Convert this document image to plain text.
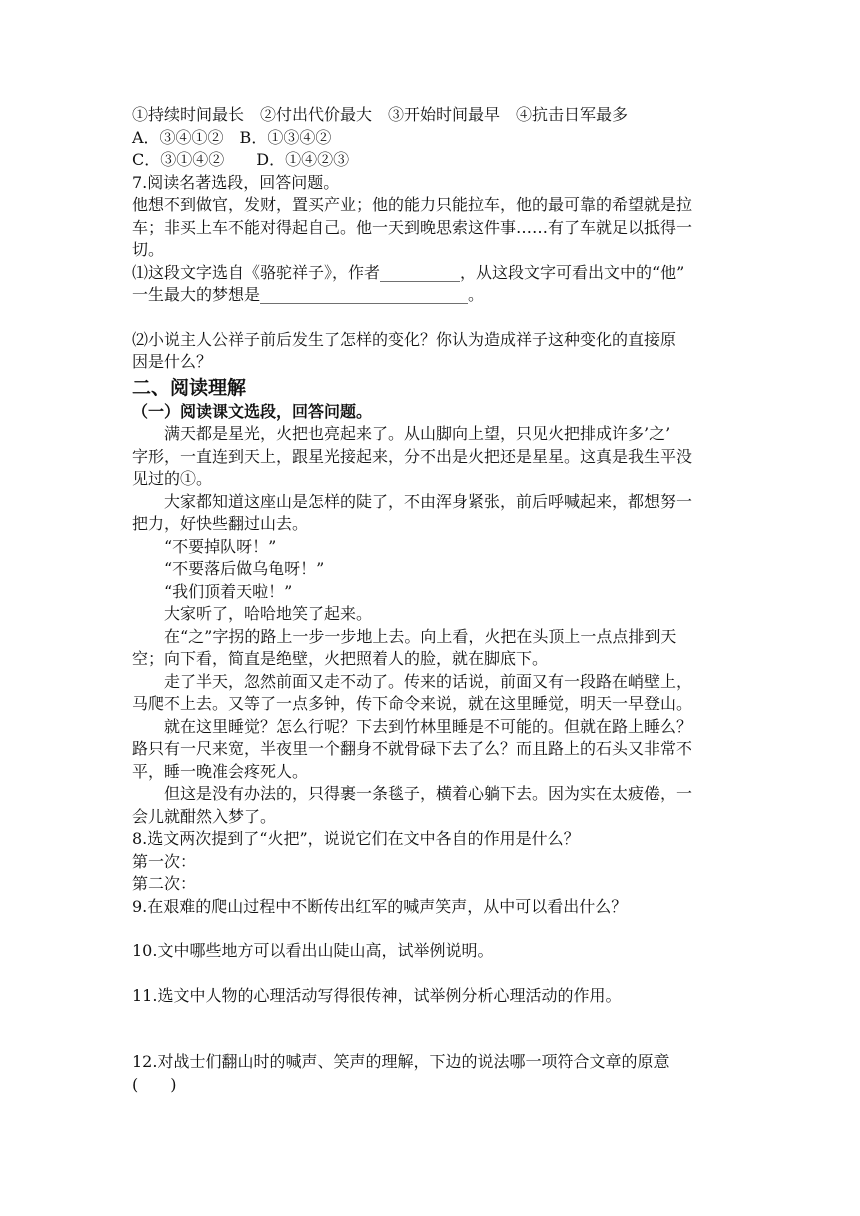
①持续时间最长　②付出代价最大　③开始时间最早　④抗击日军最多
A．③④①②　B．①③④②
C．③①④②　　D．①④②③
7.阅读名著选段，回答问题。
他想不到做官，发财，置买产业；他的能力只能拉车，他的最可靠的希望就是拉
车；非买上车不能对得起自己。他一天到晚思索这件事……有了车就足以抵得一
切。
⑴这段文字选自《骆驼祥子》，作者__________，从这段文字可看出文中的“他”
一生最大的梦想是__________________________。
⑵小说主人公祥子前后发生了怎样的变化？你认为造成祥子这种变化的直接原
因是什么？
二、阅读理解
（一）阅读课文选段，回答问题。
满天都是星光，火把也亮起来了。从山脚向上望，只见火把排成许多’之’
字形，一直连到天上，跟星光接起来，分不出是火把还是星星。这真是我生平没
见过的①。
大家都知道这座山是怎样的陡了，不由浑身紧张，前后呼喊起来，都想努一
把力，好快些翻过山去。
“不要掉队呀！”
“不要落后做乌龟呀！”
“我们顶着天啦！”
大家听了，哈哈地笑了起来。
在“之”字拐的路上一步一步地上去。向上看，火把在头顶上一点点排到天
空；向下看，简直是绝壁，火把照着人的脸，就在脚底下。
走了半天，忽然前面又走不动了。传来的话说，前面又有一段路在峭壁上，
马爬不上去。又等了一点多钟，传下命令来说，就在这里睡觉，明天一早登山。
就在这里睡觉？怎么行呢？下去到竹林里睡是不可能的。但就在路上睡么？
路只有一尺来宽，半夜里一个翻身不就骨碌下去了么？而且路上的石头又非常不
平，睡一晚准会疼死人。
但这是没有办法的，只得裹一条毯子，横着心躺下去。因为实在太疲倦，一
会儿就酣然入梦了。
8.选文两次提到了“火把”，说说它们在文中各自的作用是什么？
第一次：
第二次：
9.在艰难的爬山过程中不断传出红军的喊声笑声，从中可以看出什么？
10.文中哪些地方可以看出山陡山高，试举例说明。
11.选文中人物的心理活动写得很传神，试举例分析心理活动的作用。
12.对战士们翻山时的喊声、笑声的理解，下边的说法哪一项符合文章的原意
(　　)
